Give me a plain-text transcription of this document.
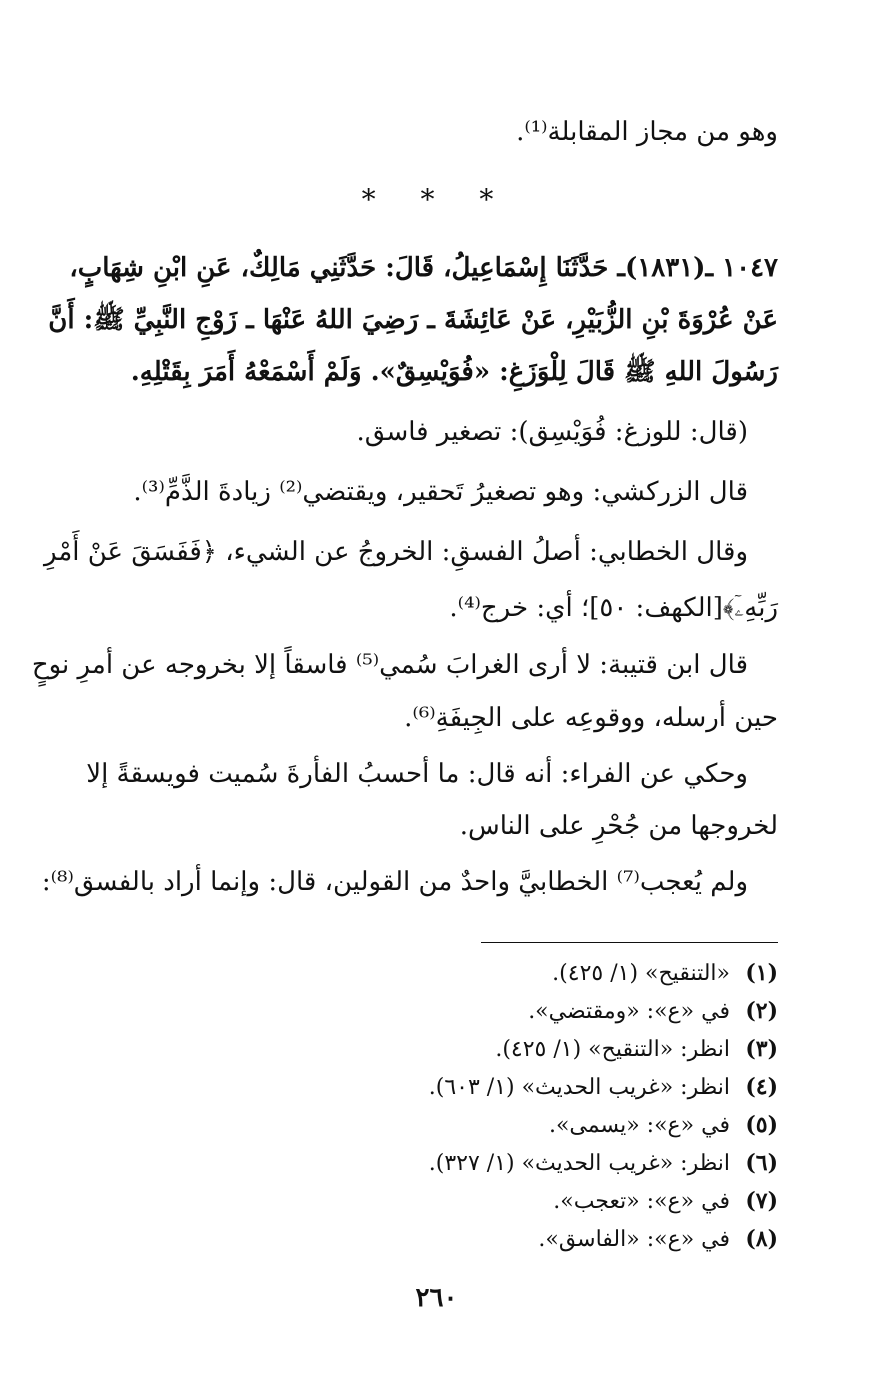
وهو من مجاز المقابلة⁽¹⁾.
* * *
١٠٤٧ ـ(١٨٣١)ـ حَدَّثَنَا إِسْمَاعِيلُ، قَالَ: حَدَّثَنِي مَالِكٌ، عَنِ ابْنِ شِهَابٍ،
عَنْ عُرْوَةَ بْنِ الزُّبَيْرِ، عَنْ عَائِشَةَ ـ رَضِيَ اللهُ عَنْهَا ـ زَوْجِ النَّبِيِّ ﷺ: أَنَّ
رَسُولَ اللهِ ﷺ قَالَ لِلْوَزَغِ: «فُوَيْسِقٌ». وَلَمْ أَسْمَعْهُ أَمَرَ بِقَتْلِهِ.
(قال: للوزغ: فُوَيْسِق): تصغير فاسق.
قال الزركشي: وهو تصغيرُ تَحقير، ويقتضي⁽²⁾ زيادةَ الذَّمِّ⁽³⁾.
وقال الخطابي: أصلُ الفسقِ: الخروجُ عن الشيء، ﴿فَفَسَقَ عَنْ أَمْرِ
رَبِّهِۦٓ﴾[الكهف: ٥٠]؛ أي: خرج⁽⁴⁾.
قال ابن قتيبة: لا أرى الغرابَ سُمي⁽⁵⁾ فاسقاً إلا بخروجه عن أمرِ نوحٍ
حين أرسله، ووقوعِه على الجِيفَةِ⁽⁶⁾.
وحكي عن الفراء: أنه قال: ما أحسبُ الفأرةَ سُميت فويسقةً إلا
لخروجها من جُحْرِ على الناس.
ولم يُعجب⁽⁷⁾ الخطابيَّ واحدٌ من القولين، قال: وإنما أراد بالفسق⁽⁸⁾:
(١)«التنقيح» (١/ ٤٢٥).
(٢)في «ع»: «ومقتضي».
(٣)انظر: «التنقيح» (١/ ٤٢٥).
(٤)انظر: «غريب الحديث» (١/ ٦٠٣).
(٥)في «ع»: «يسمى».
(٦)انظر: «غريب الحديث» (١/ ٣٢٧).
(٧)في «ع»: «تعجب».
(٨)في «ع»: «الفاسق».
٢٦٠
